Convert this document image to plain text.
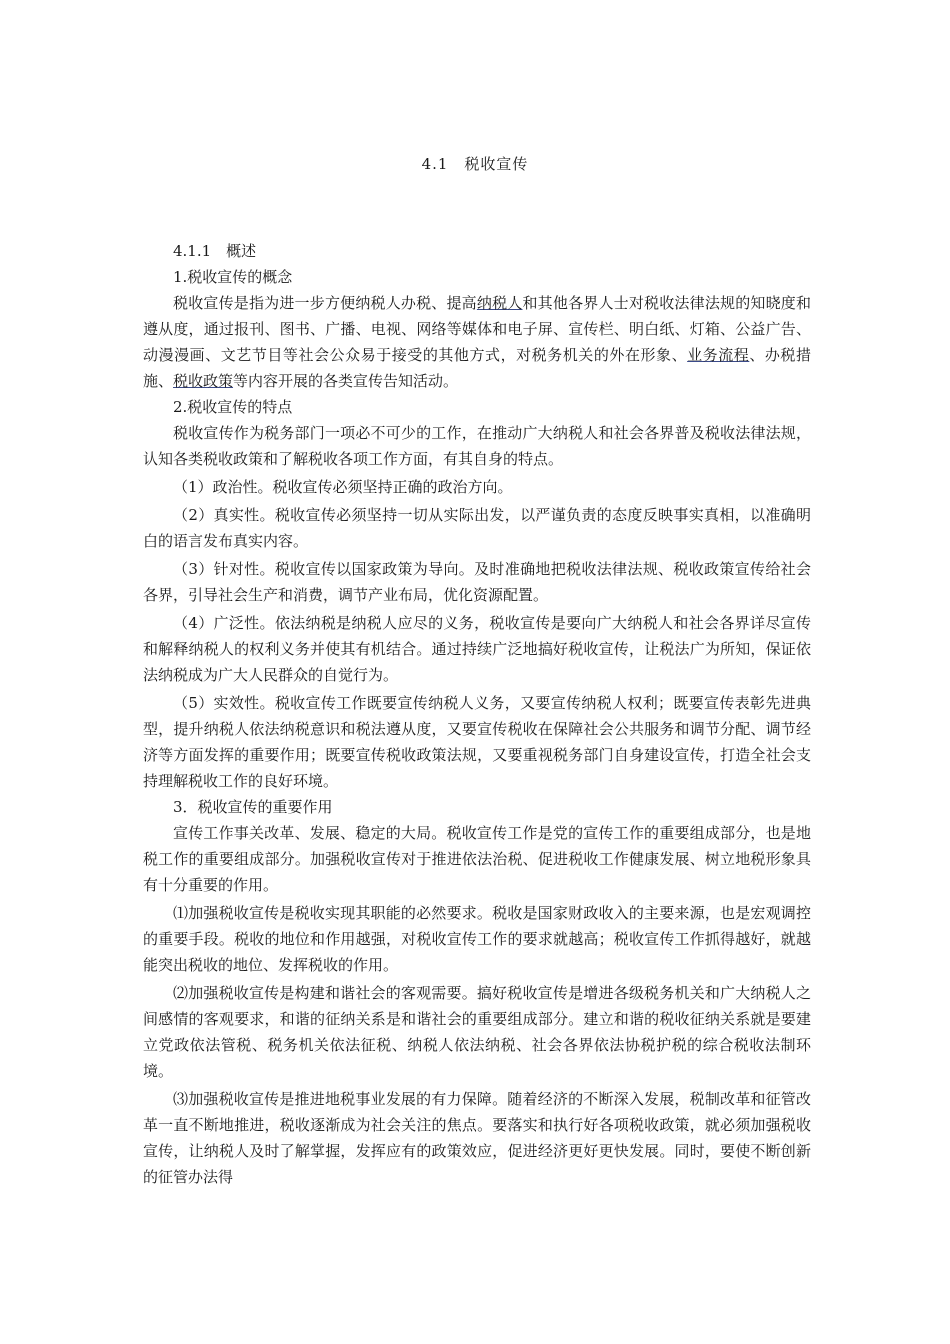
4.1　税收宣传

4.1.1　概述

1.税收宣传的概念

税收宣传是指为进一步方便纳税人办税、提高纳税人和其他各界人士对税收法律法规的知晓度和遵从度，通过报刊、图书、广播、电视、网络等媒体和电子屏、宣传栏、明白纸、灯箱、公益广告、动漫漫画、文艺节目等社会公众易于接受的其他方式，对税务机关的外在形象、业务流程、办税措施、税收政策等内容开展的各类宣传告知活动。

2.税收宣传的特点

税收宣传作为税务部门一项必不可少的工作，在推动广大纳税人和社会各界普及税收法律法规，认知各类税收政策和了解税收各项工作方面，有其自身的特点。

（1）政治性。税收宣传必须坚持正确的政治方向。

（2）真实性。税收宣传必须坚持一切从实际出发，以严谨负责的态度反映事实真相，以准确明白的语言发布真实内容。

（3）针对性。税收宣传以国家政策为导向。及时准确地把税收法律法规、税收政策宣传给社会各界，引导社会生产和消费，调节产业布局，优化资源配置。

（4）广泛性。依法纳税是纳税人应尽的义务，税收宣传是要向广大纳税人和社会各界详尽宣传和解释纳税人的权利义务并使其有机结合。通过持续广泛地搞好税收宣传，让税法广为所知，保证依法纳税成为广大人民群众的自觉行为。

（5）实效性。税收宣传工作既要宣传纳税人义务，又要宣传纳税人权利；既要宣传表彰先进典型，提升纳税人依法纳税意识和税法遵从度，又要宣传税收在保障社会公共服务和调节分配、调节经济等方面发挥的重要作用；既要宣传税收政策法规，又要重视税务部门自身建设宣传，打造全社会支持理解税收工作的良好环境。

3．税收宣传的重要作用

宣传工作事关改革、发展、稳定的大局。税收宣传工作是党的宣传工作的重要组成部分，也是地税工作的重要组成部分。加强税收宣传对于推进依法治税、促进税收工作健康发展、树立地税形象具有十分重要的作用。

⑴加强税收宣传是税收实现其职能的必然要求。税收是国家财政收入的主要来源，也是宏观调控的重要手段。税收的地位和作用越强，对税收宣传工作的要求就越高；税收宣传工作抓得越好，就越能突出税收的地位、发挥税收的作用。

⑵加强税收宣传是构建和谐社会的客观需要。搞好税收宣传是增进各级税务机关和广大纳税人之间感情的客观要求，和谐的征纳关系是和谐社会的重要组成部分。建立和谐的税收征纳关系就是要建立党政依法管税、税务机关依法征税、纳税人依法纳税、社会各界依法协税护税的综合税收法制环境。

⑶加强税收宣传是推进地税事业发展的有力保障。随着经济的不断深入发展，税制改革和征管改革一直不断地推进，税收逐渐成为社会关注的焦点。要落实和执行好各项税收政策，就必须加强税收宣传，让纳税人及时了解掌握，发挥应有的政策效应，促进经济更好更快发展。同时，要使不断创新的征管办法得
